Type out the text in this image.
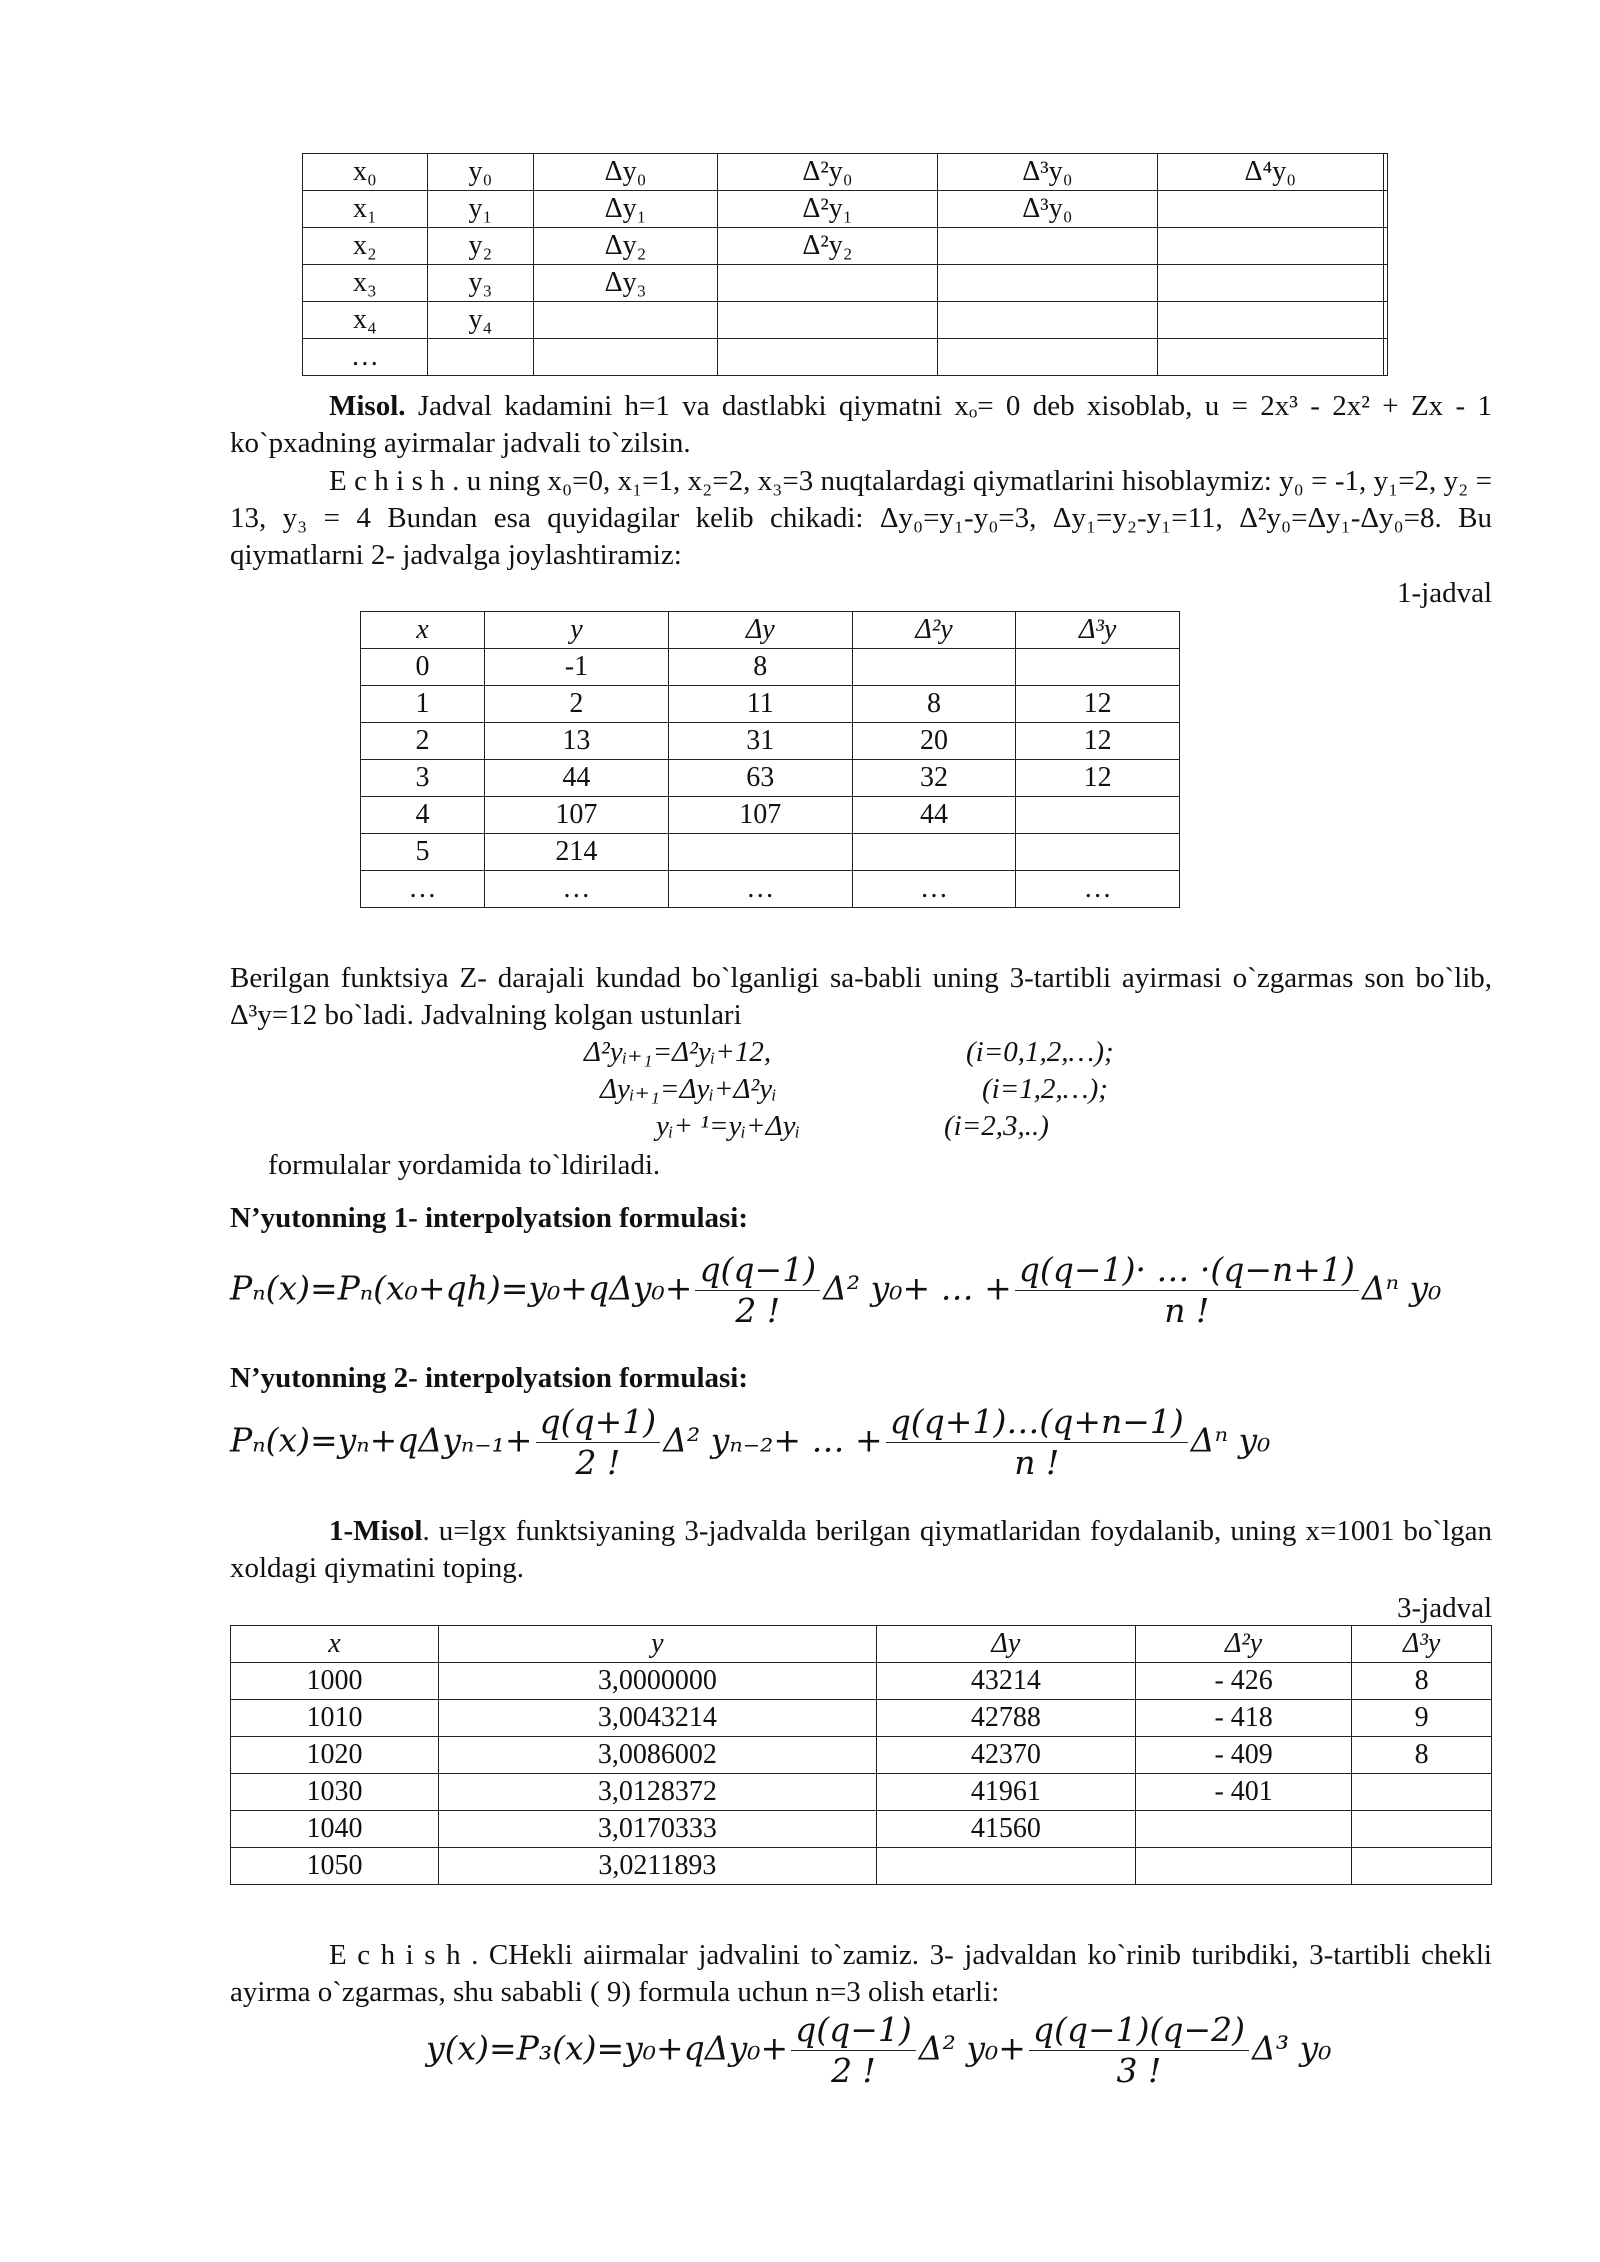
x₀	y₀	Δy₀	Δ²y₀	Δ³y₀	Δ⁴y₀	
x₁	y₁	Δy₁	Δ²y₁	Δ³y₀		
x₂	y₂	Δy₂	Δ²y₂			
x₃	y₃	Δy₃				
x₄	y₄					
…						
Misol. Jadval kadamini h=1 va dastlabki qiymatni xₒ= 0 deb xisoblab, u = 2x³ - 2x² + Zx - 1 ko`pxadning ayirmalar jadvali to`zilsin.
E c h i s h . u ning x₀=0, x₁=1, x₂=2, x₃=3 nuqtalardagi qiymatlarini hisoblaymiz: y₀ = -1, y₁=2, y₂ = 13, y₃ = 4 Bundan esa quyidagilar kelib chikadi: Δy₀=y₁-y₀=3, Δy₁=y₂-y₁=11, Δ²y₀=Δy₁-Δy₀=8. Bu qiymatlarni 2- jadvalga joylashtiramiz:
1-jadval
x	y	Δy	Δ²y	Δ³y
0	-1	8		
1	2	11	8	12
2	13	31	20	12
3	44	63	32	12
4	107	107	44	
5	214			
…	…	…	…	…
Berilgan funktsiya Z- darajali kundad bo`lganligi sa-babli uning 3-tartibli ayirmasi o`zgarmas son bo`lib, Δ³y=12 bo`ladi. Jadvalning kolgan ustunlari
Δ²yᵢ₊₁=Δ²yᵢ+12,	(i=0,1,2,…);
Δyᵢ₊₁=Δyᵢ+Δ²yᵢ	(i=1,2,…);
yᵢ+ ¹=yᵢ+Δyᵢ	(i=2,3,..)
formulalar yordamida to`ldiriladi.
N’yutonning 1- interpolyatsion formulasi:
$P_n(x)=P_n(x_0+qh)=y_0+q\Delta y_0+ \frac{q(q-1)}{2 !} \Delta^2$ y₀+ … + $\frac{q(q-1)\cdot \dots \cdot(q-n+1)}{n !}$ Δⁿ y₀
N’yutonning 2- interpolyatsion formulasi:
$P_n(x)=y_n+q\Delta y_{n-1}+ \frac{q(q+1)}{2 !} \Delta^2$ yₙ₋₂+ … + $\frac{q(q+1)\dots(q+n-1)}{n !}$ Δⁿ y₀
1-Misol. u=lgx funktsiyaning 3-jadvalda berilgan qiymatlaridan foydalanib, uning x=1001 bo`lgan xoldagi qiymatini toping.
3-jadval
x	y	Δy	Δ²y	Δ³y
1000	3,0000000	43214	- 426	8
1010	3,0043214	42788	- 418	9
1020	3,0086002	42370	- 409	8
1030	3,0128372	41961	- 401	
1040	3,0170333	41560		
1050	3,0211893			
E c h i s h . CHekli aiirmalar jadvalini to`zamiz. 3- jadvaldan ko`rinib turibdiki, 3-tartibli chekli ayirma o`zgarmas, shu sababli ( 9) formula uchun n=3 olish etarli:
$y(x)=P_3(x)=y_0+q\Delta y_0+ \frac{q(q-1)}{2 !} \Delta^2$ $y_0+ \frac{q(q-1)(q-2)}{3 !} \Delta^3$ y₀
